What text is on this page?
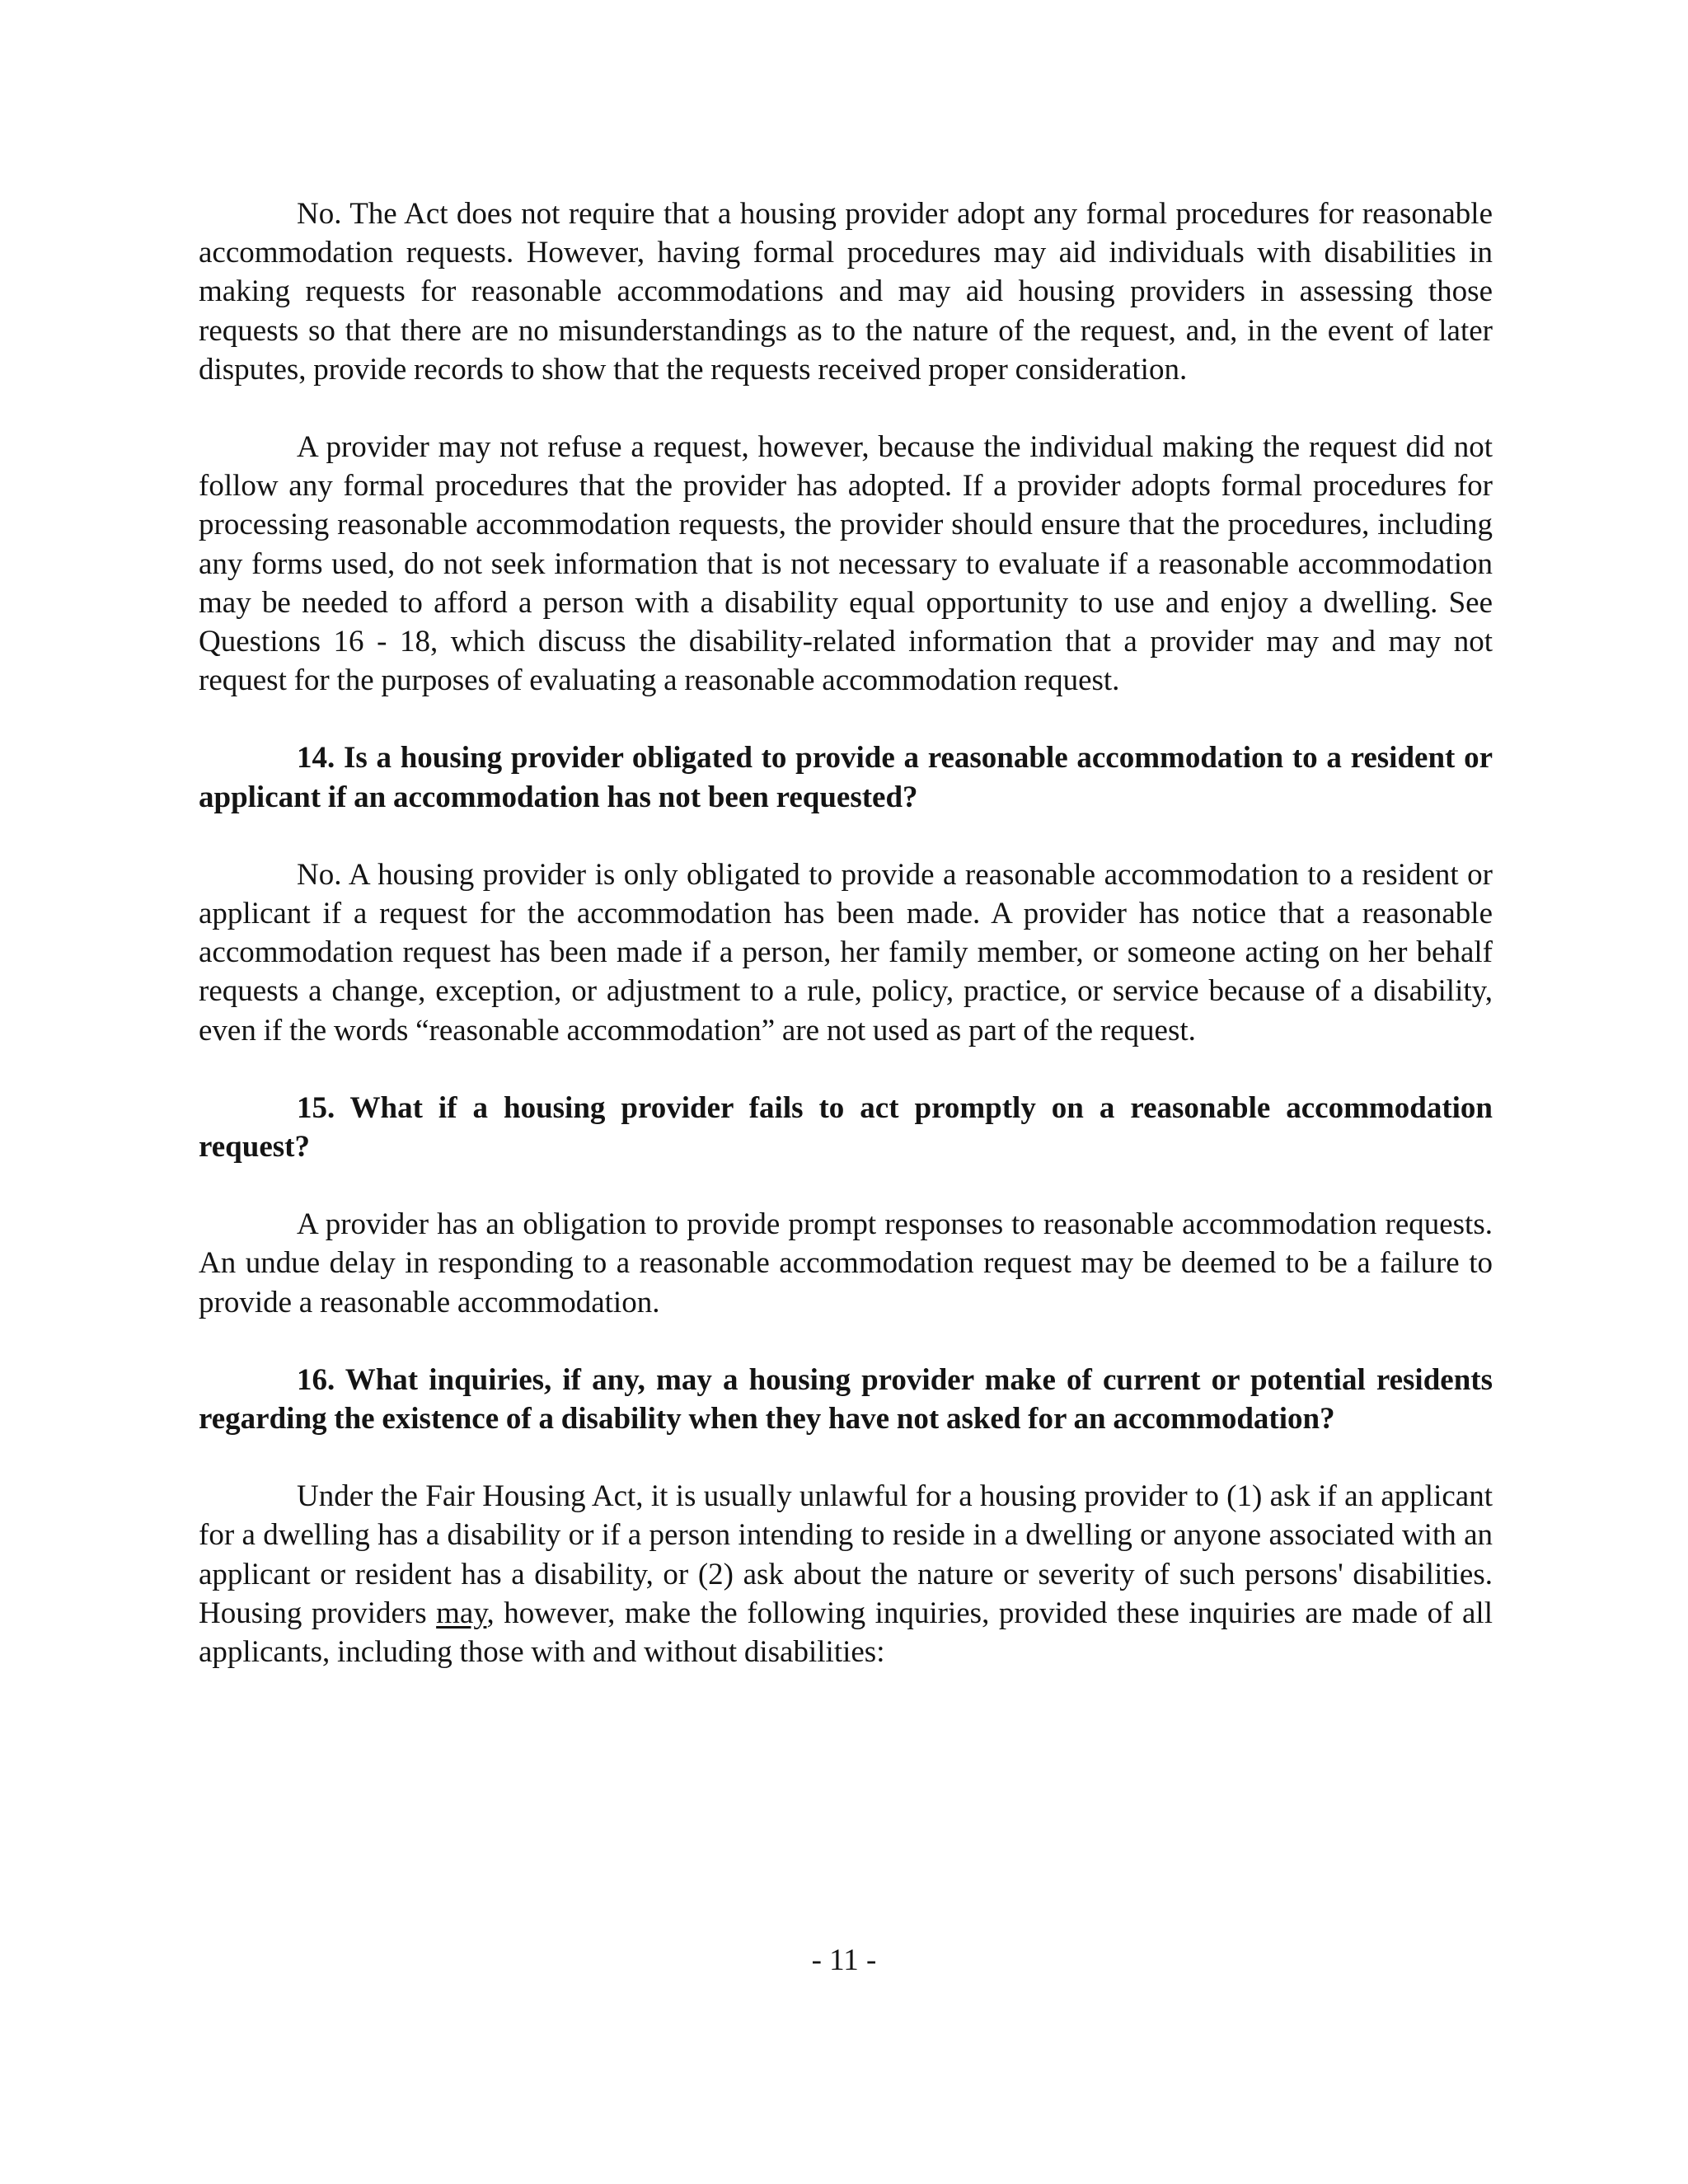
No. The Act does not require that a housing provider adopt any formal procedures for reasonable accommodation requests. However, having formal procedures may aid individuals with disabilities in making requests for reasonable accommodations and may aid housing providers in assessing those requests so that there are no misunderstandings as to the nature of the request, and, in the event of later disputes, provide records to show that the requests received proper consideration.

A provider may not refuse a request, however, because the individual making the request did not follow any formal procedures that the provider has adopted. If a provider adopts formal procedures for processing reasonable accommodation requests, the provider should ensure that the procedures, including any forms used, do not seek information that is not necessary to evaluate if a reasonable accommodation may be needed to afford a person with a disability equal opportunity to use and enjoy a dwelling. See Questions 16 - 18, which discuss the disability-related information that a provider may and may not request for the purposes of evaluating a reasonable accommodation request.

14. Is a housing provider obligated to provide a reasonable accommodation to a resident or applicant if an accommodation has not been requested?

No. A housing provider is only obligated to provide a reasonable accommodation to a resident or applicant if a request for the accommodation has been made. A provider has notice that a reasonable accommodation request has been made if a person, her family member, or someone acting on her behalf requests a change, exception, or adjustment to a rule, policy, practice, or service because of a disability, even if the words “reasonable accommodation” are not used as part of the request.

15. What if a housing provider fails to act promptly on a reasonable accommodation request?

A provider has an obligation to provide prompt responses to reasonable accommodation requests. An undue delay in responding to a reasonable accommodation request may be deemed to be a failure to provide a reasonable accommodation.

16. What inquiries, if any, may a housing provider make of current or potential residents regarding the existence of a disability when they have not asked for an accommodation?

Under the Fair Housing Act, it is usually unlawful for a housing provider to (1) ask if an applicant for a dwelling has a disability or if a person intending to reside in a dwelling or anyone associated with an applicant or resident has a disability, or (2) ask about the nature or severity of such persons' disabilities. Housing providers may, however, make the following inquiries, provided these inquiries are made of all applicants, including those with and without disabilities:

- 11 -
